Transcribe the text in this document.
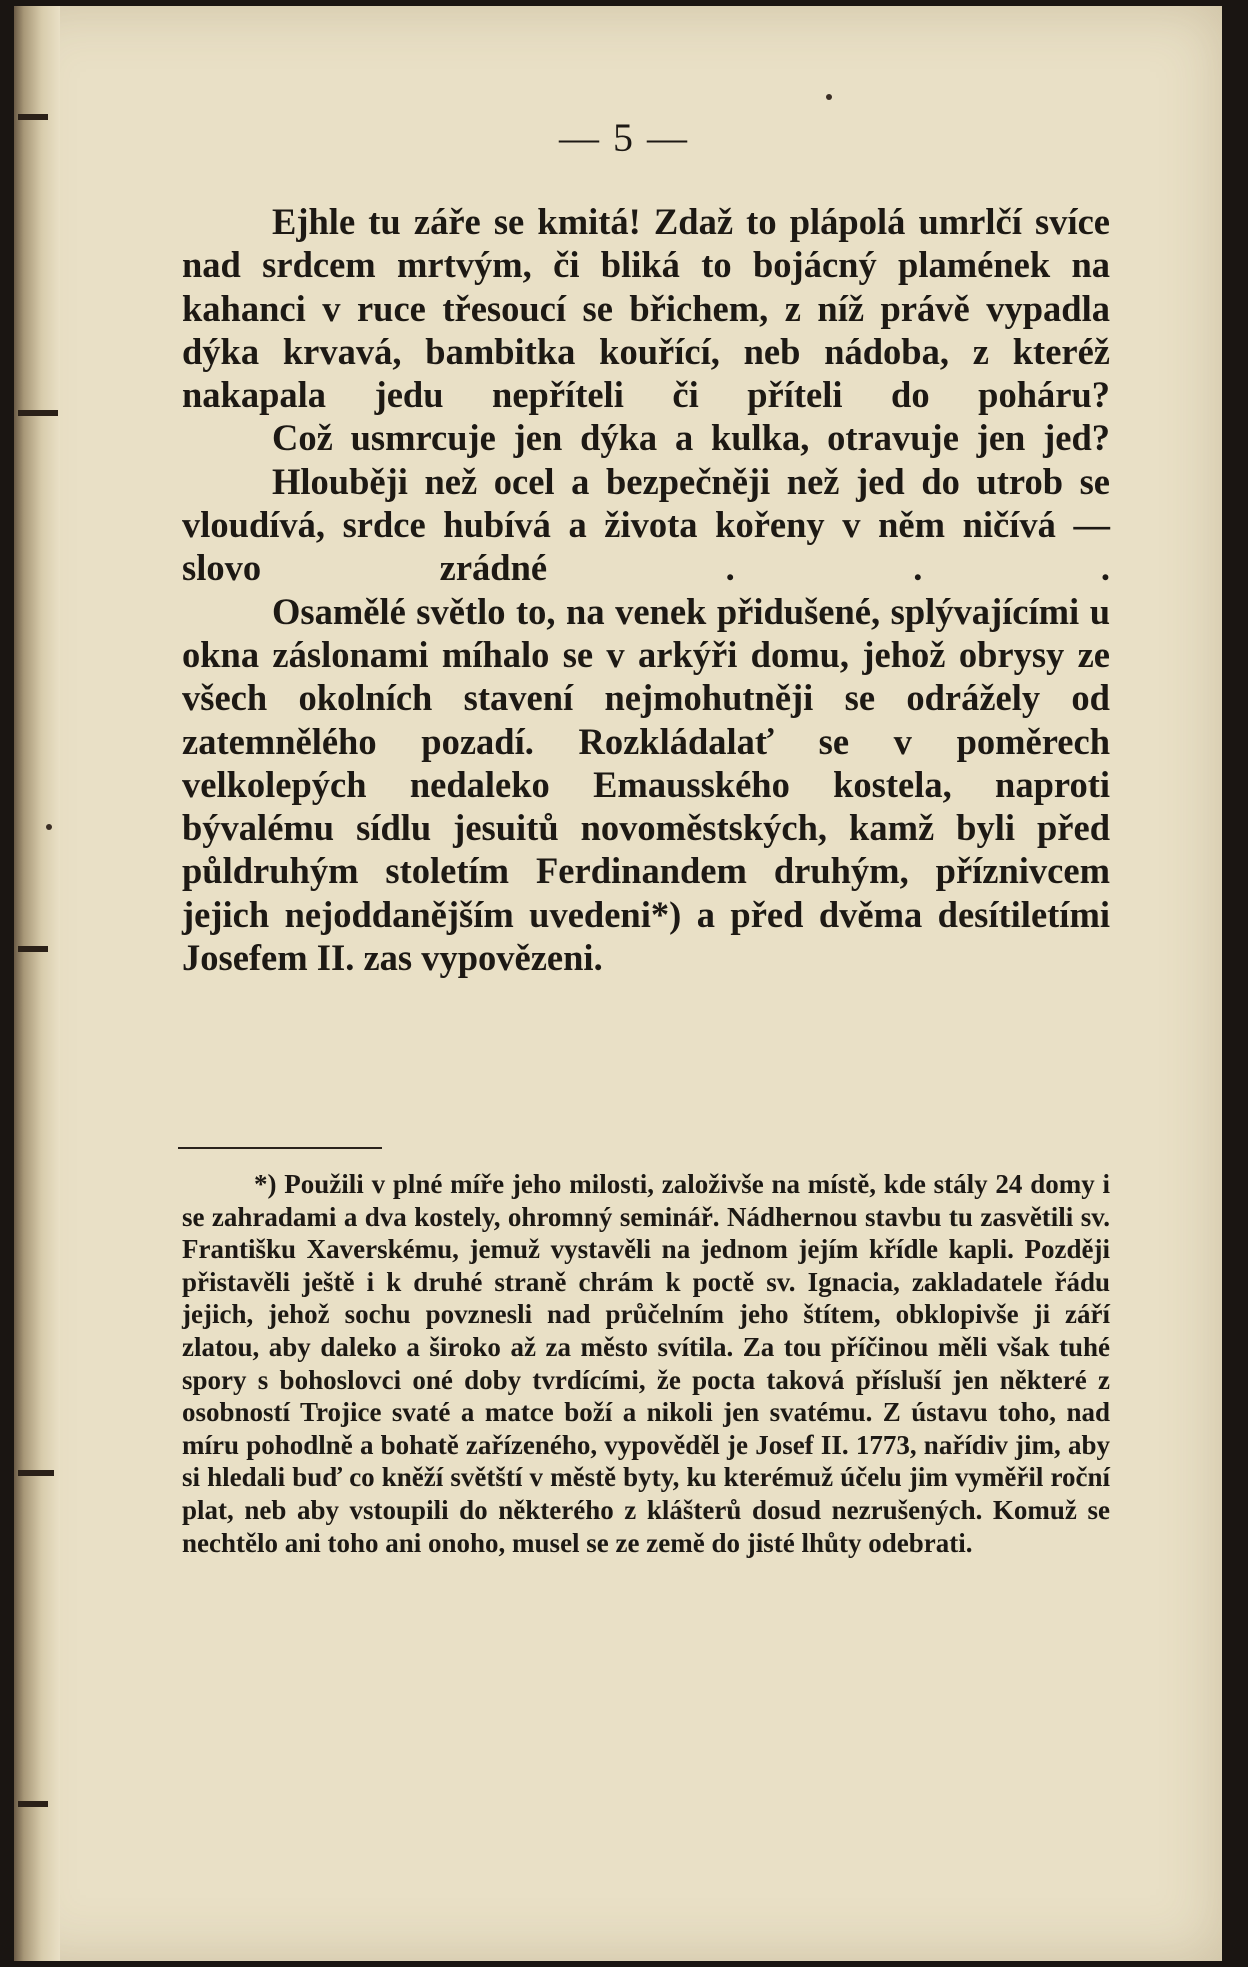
— 5 —

Ejhle tu záře se kmitá! Zdaž to plápolá umrlčí svíce nad srdcem mrtvým, či bliká to bojácný plamének na kahanci v ruce třesoucí se břichem, z níž právě vypadla dýka krvavá, bambitka kouřící, neb nádoba, z kteréž nakapala jedu nepříteli či příteli do poháru?

Což usmrcuje jen dýka a kulka, otravuje jen jed?

Hlouběji než ocel a bezpečněji než jed do utrob se vloudívá, srdce hubívá a života kořeny v něm ničívá — slovo zrádné . . .

Osamělé světlo to, na venek přidušené, splývajícími u okna záslonami míhalo se v arkýři domu, jehož obrysy ze všech okolních stavení nejmohutněji se odrážely od zatemnělého pozadí. Rozkládalať se v poměrech velkolepých nedaleko Emausského kostela, naproti bývalému sídlu jesuitů novoměstských, kamž byli před půldruhým stoletím Ferdinandem druhým, příznivcem jejich nejoddanějším uvedeni*) a před dvěma desítiletími Josefem II. zas vypovězeni.

*) Použili v plné míře jeho milosti, založivše na místě, kde stály 24 domy i se zahradami a dva kostely, ohromný seminář. Nádhernou stavbu tu zasvětili sv. Františku Xaverskému, jemuž vystavěli na jednom jejím křídle kapli. Později přistavěli ještě i k druhé straně chrám k poctě sv. Ignacia, zakladatele řádu jejich, jehož sochu povznesli nad průčelním jeho štítem, obklopivše ji září zlatou, aby daleko a široko až za město svítila. Za tou příčinou měli však tuhé spory s bohoslovci oné doby tvrdícími, že pocta taková přísluší jen některé z osobností Trojice svaté a matce boží a nikoli jen svatému. Z ústavu toho, nad míru pohodlně a bohatě zařízeného, vypověděl je Josef II. 1773, nařídiv jim, aby si hledali buď co kněží světští v městě byty, ku kterémuž účelu jim vyměřil roční plat, neb aby vstoupili do některého z klášterů dosud nezrušených. Komuž se nechtělo ani toho ani onoho, musel se ze země do jisté lhůty odebrati.
